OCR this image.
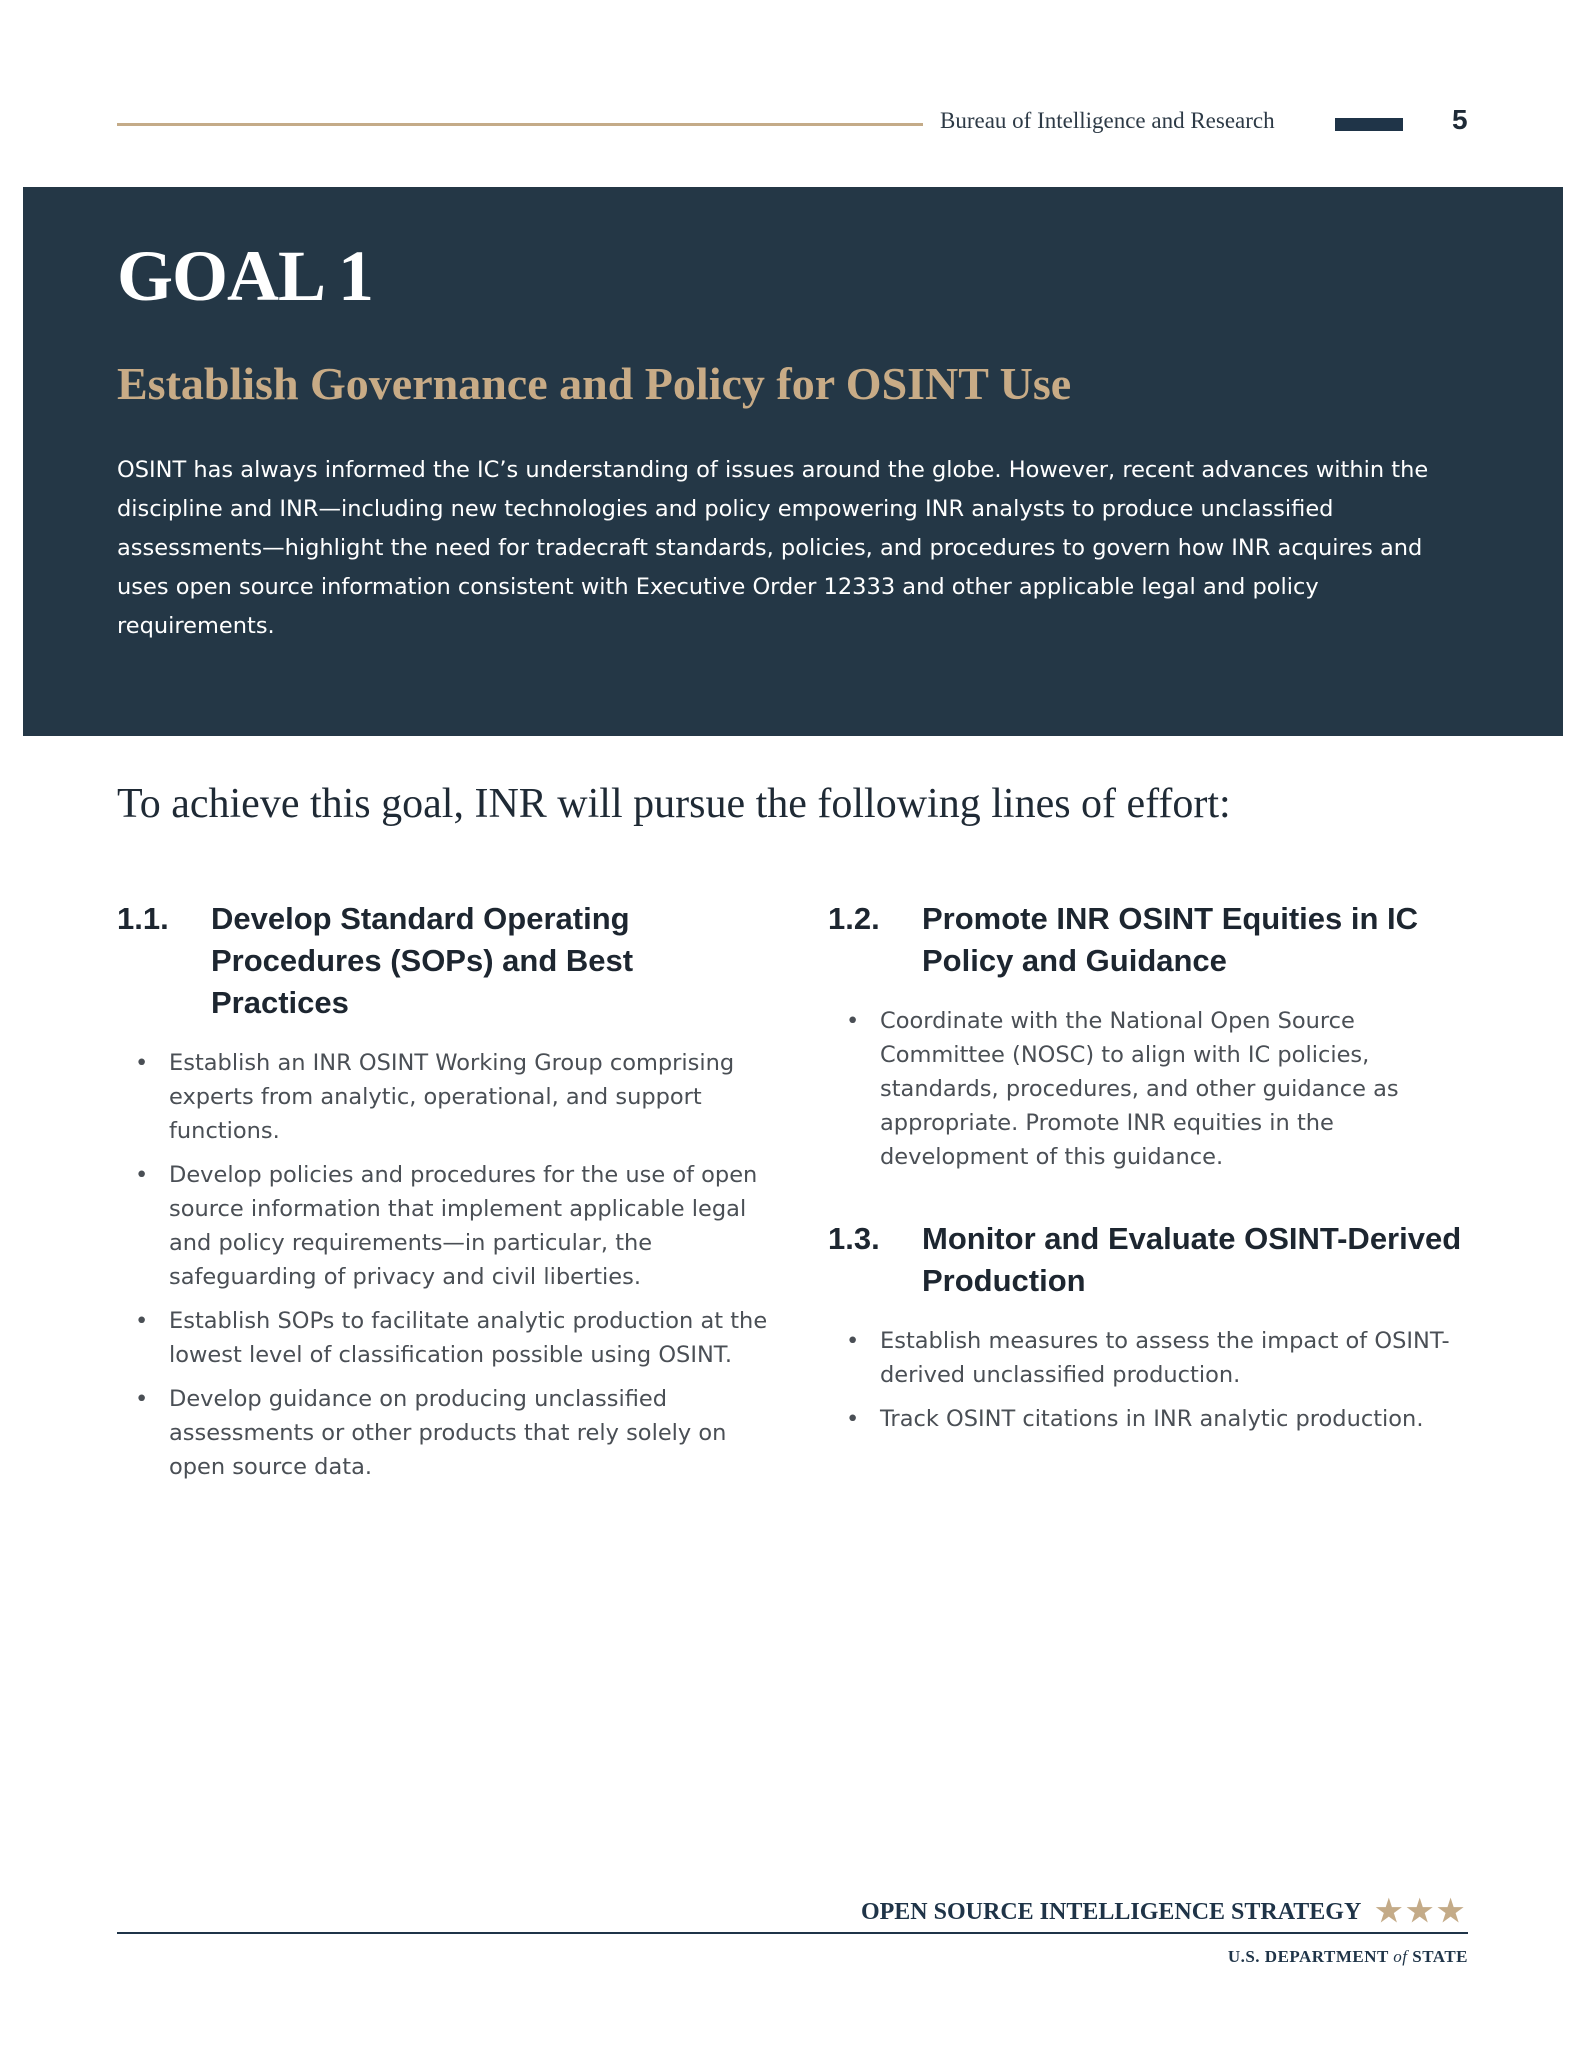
Bureau of Intelligence and Research	5
GOAL 1
Establish Governance and Policy for OSINT Use

OSINT has always informed the IC’s understanding of issues around the globe. However, recent advances within the discipline and INR—including new technologies and policy empowering INR analysts to produce unclassified assessments—highlight the need for tradecraft standards, policies, and procedures to govern how INR acquires and uses open source information consistent with Executive Order 12333 and other applicable legal and policy requirements.

To achieve this goal, INR will pursue the following lines of effort:

1.1. Develop Standard Operating Procedures (SOPs) and Best Practices
• Establish an INR OSINT Working Group comprising experts from analytic, operational, and support functions.
• Develop policies and procedures for the use of open source information that implement applicable legal and policy requirements—in particular, the safeguarding of privacy and civil liberties.
• Establish SOPs to facilitate analytic production at the lowest level of classification possible using OSINT.
• Develop guidance on producing unclassified assessments or other products that rely solely on open source data.
1.2. Promote INR OSINT Equities in IC Policy and Guidance
• Coordinate with the National Open Source Committee (NOSC) to align with IC policies, standards, procedures, and other guidance as appropriate. Promote INR equities in the development of this guidance.
1.3. Monitor and Evaluate OSINT-Derived Production
• Establish measures to assess the impact of OSINT-derived unclassified production.
• Track OSINT citations in INR analytic production.
OPEN SOURCE INTELLIGENCE STRATEGY ★★★
U.S. DEPARTMENT of STATE
